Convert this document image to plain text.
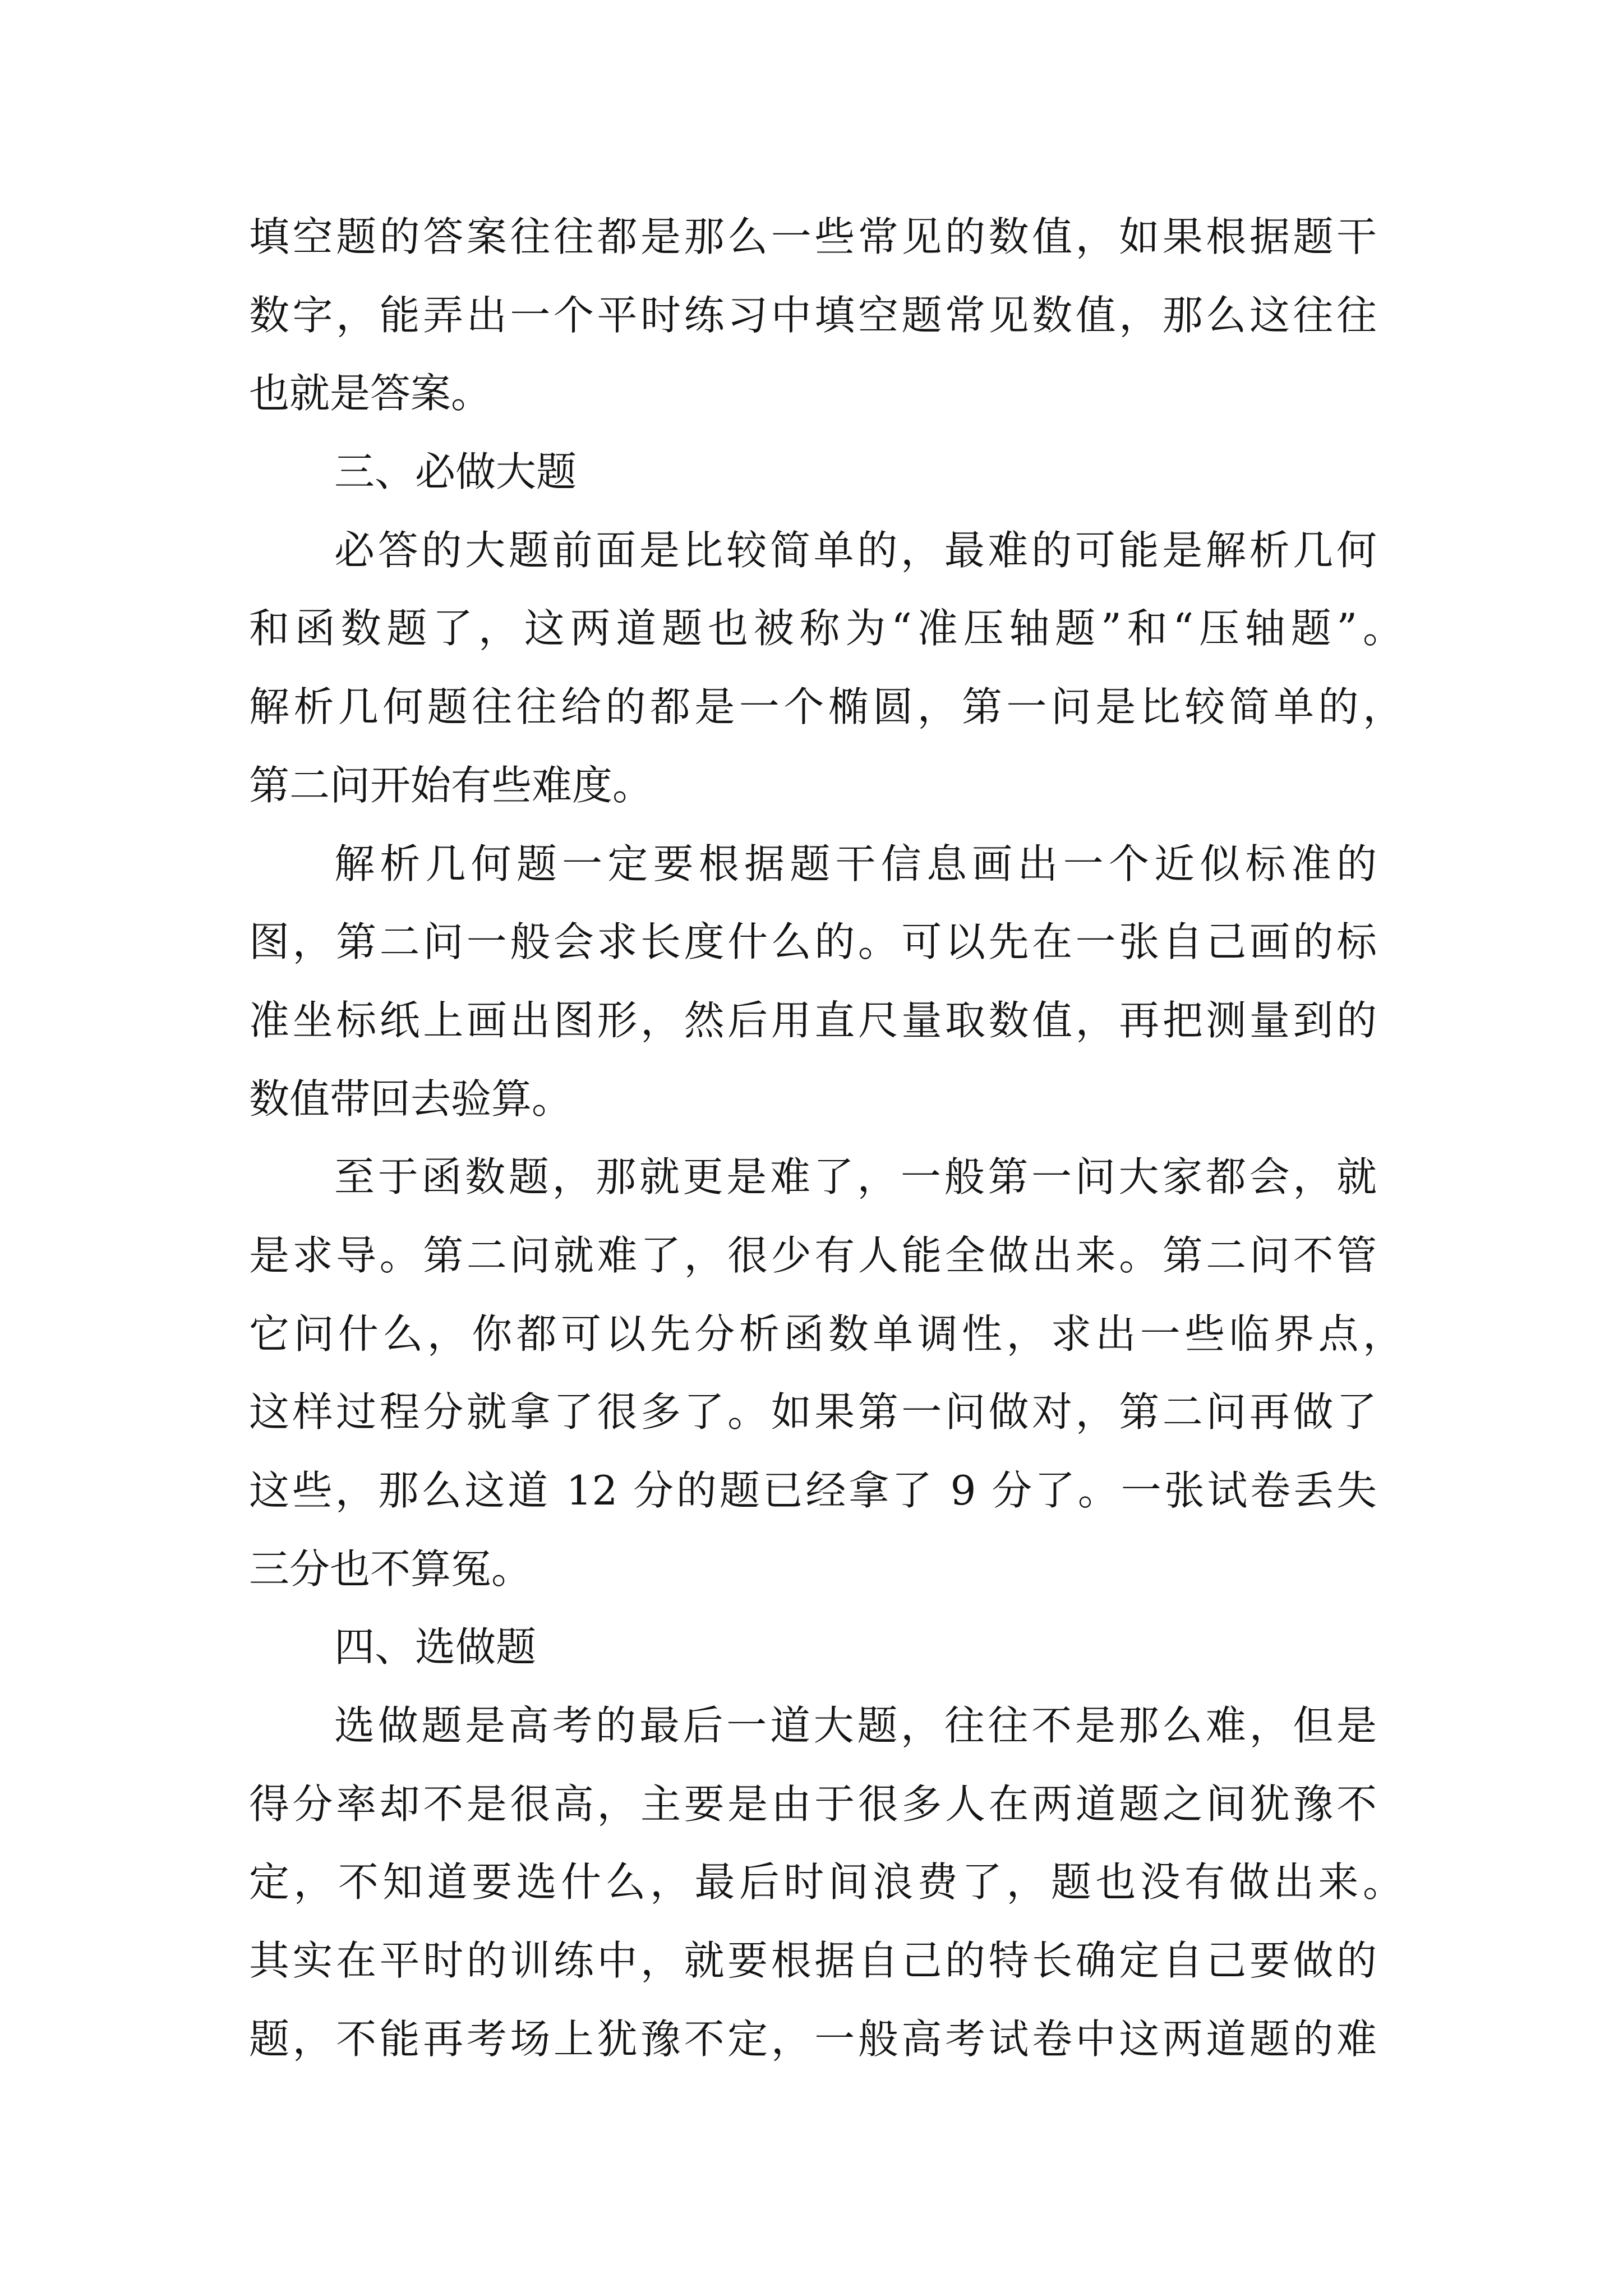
填空题的答案往往都是那么一些常见的数值，如果根据题干
数字，能弄出一个平时练习中填空题常见数值，那么这往往
也就是答案。
三、必做大题
必答的大题前面是比较简单的，最难的可能是解析几何
和函数题了，这两道题也被称为“准压轴题”和“压轴题”。
解析几何题往往给的都是一个椭圆，第一问是比较简单的，
第二问开始有些难度。
解析几何题一定要根据题干信息画出一个近似标准的
图，第二问一般会求长度什么的。可以先在一张自己画的标
准坐标纸上画出图形，然后用直尺量取数值，再把测量到的
数值带回去验算。
至于函数题，那就更是难了，一般第一问大家都会，就
是求导。第二问就难了，很少有人能全做出来。第二问不管
它问什么，你都可以先分析函数单调性，求出一些临界点，
这样过程分就拿了很多了。如果第一问做对，第二问再做了
这些，那么这道 12 分的题已经拿了 9 分了。一张试卷丢失
三分也不算冤。
四、选做题
选做题是高考的最后一道大题，往往不是那么难，但是
得分率却不是很高，主要是由于很多人在两道题之间犹豫不
定，不知道要选什么，最后时间浪费了，题也没有做出来。
其实在平时的训练中，就要根据自己的特长确定自己要做的
题，不能再考场上犹豫不定，一般高考试卷中这两道题的难
